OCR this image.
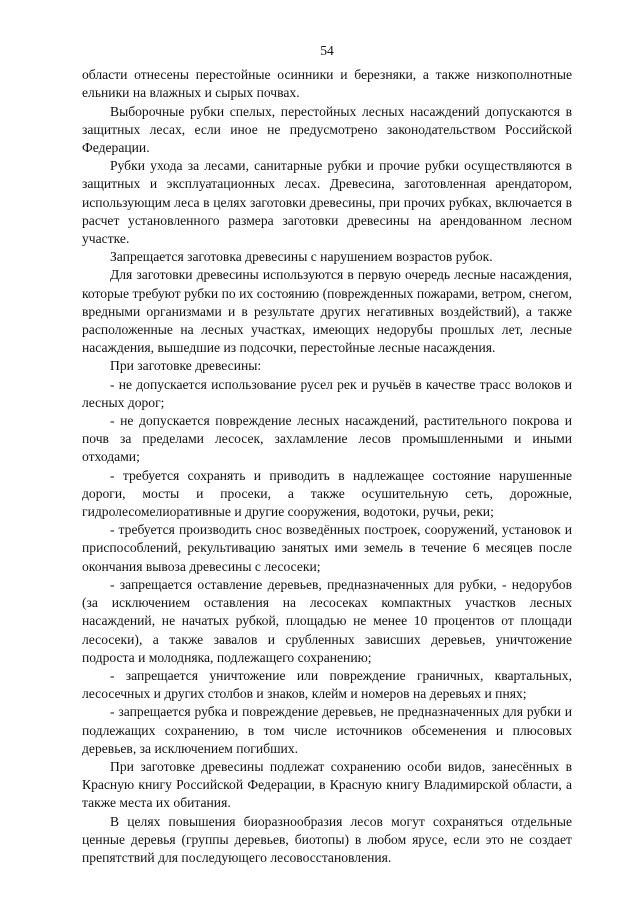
54

области отнесены перестойные осинники и березняки, а также низкополнотные ельники на влажных и сырых почвах.

Выборочные рубки спелых, перестойных лесных насаждений допускаются в защитных лесах, если иное не предусмотрено законодательством Российской Федерации.

Рубки ухода за лесами, санитарные рубки и прочие рубки осуществляются в защитных и эксплуатационных лесах. Древесина, заготовленная арендатором, использующим леса в целях заготовки древесины, при прочих рубках, включается в расчет установленного размера заготовки древесины на арендованном лесном участке.

Запрещается заготовка древесины с нарушением возрастов рубок.

Для заготовки древесины используются в первую очередь лесные насаждения, которые требуют рубки по их состоянию (поврежденных пожарами, ветром, снегом, вредными организмами и в результате других негативных воздействий), а также расположенные на лесных участках, имеющих недорубы прошлых лет, лесные насаждения, вышедшие из подсочки, перестойные лесные насаждения.

При заготовке древесины:

- не допускается использование русел рек и ручьёв в качестве трасс волоков и лесных дорог;

- не допускается повреждение лесных насаждений, растительного покрова и почв за пределами лесосек, захламление лесов промышленными и иными отходами;

- требуется сохранять и приводить в надлежащее состояние нарушенные дороги, мосты и просеки, а также осушительную сеть, дорожные, гидролесомелиоративные и другие сооружения, водотоки, ручьи, реки;

- требуется производить снос возведённых построек, сооружений, установок и приспособлений, рекультивацию занятых ими земель в течение 6 месяцев после окончания вывоза древесины с лесосеки;

- запрещается оставление деревьев, предназначенных для рубки, - недорубов (за исключением оставления на лесосеках компактных участков лесных насаждений, не начатых рубкой, площадью не менее 10 процентов от площади лесосеки), а также завалов и срубленных зависших деревьев, уничтожение подроста и молодняка, подлежащего сохранению;

- запрещается уничтожение или повреждение граничных, квартальных, лесосечных и других столбов и знаков, клейм и номеров на деревьях и пнях;

- запрещается рубка и повреждение деревьев, не предназначенных для рубки и подлежащих сохранению, в том числе источников обсеменения и плюсовых деревьев, за исключением погибших.

При заготовке древесины подлежат сохранению особи видов, занесённых в Красную книгу Российской Федерации, в Красную книгу Владимирской области, а также места их обитания.

В целях повышения биоразнообразия лесов могут сохраняться отдельные ценные деревья (группы деревьев, биотопы) в любом ярусе, если это не создает препятствий для последующего лесовосстановления.
